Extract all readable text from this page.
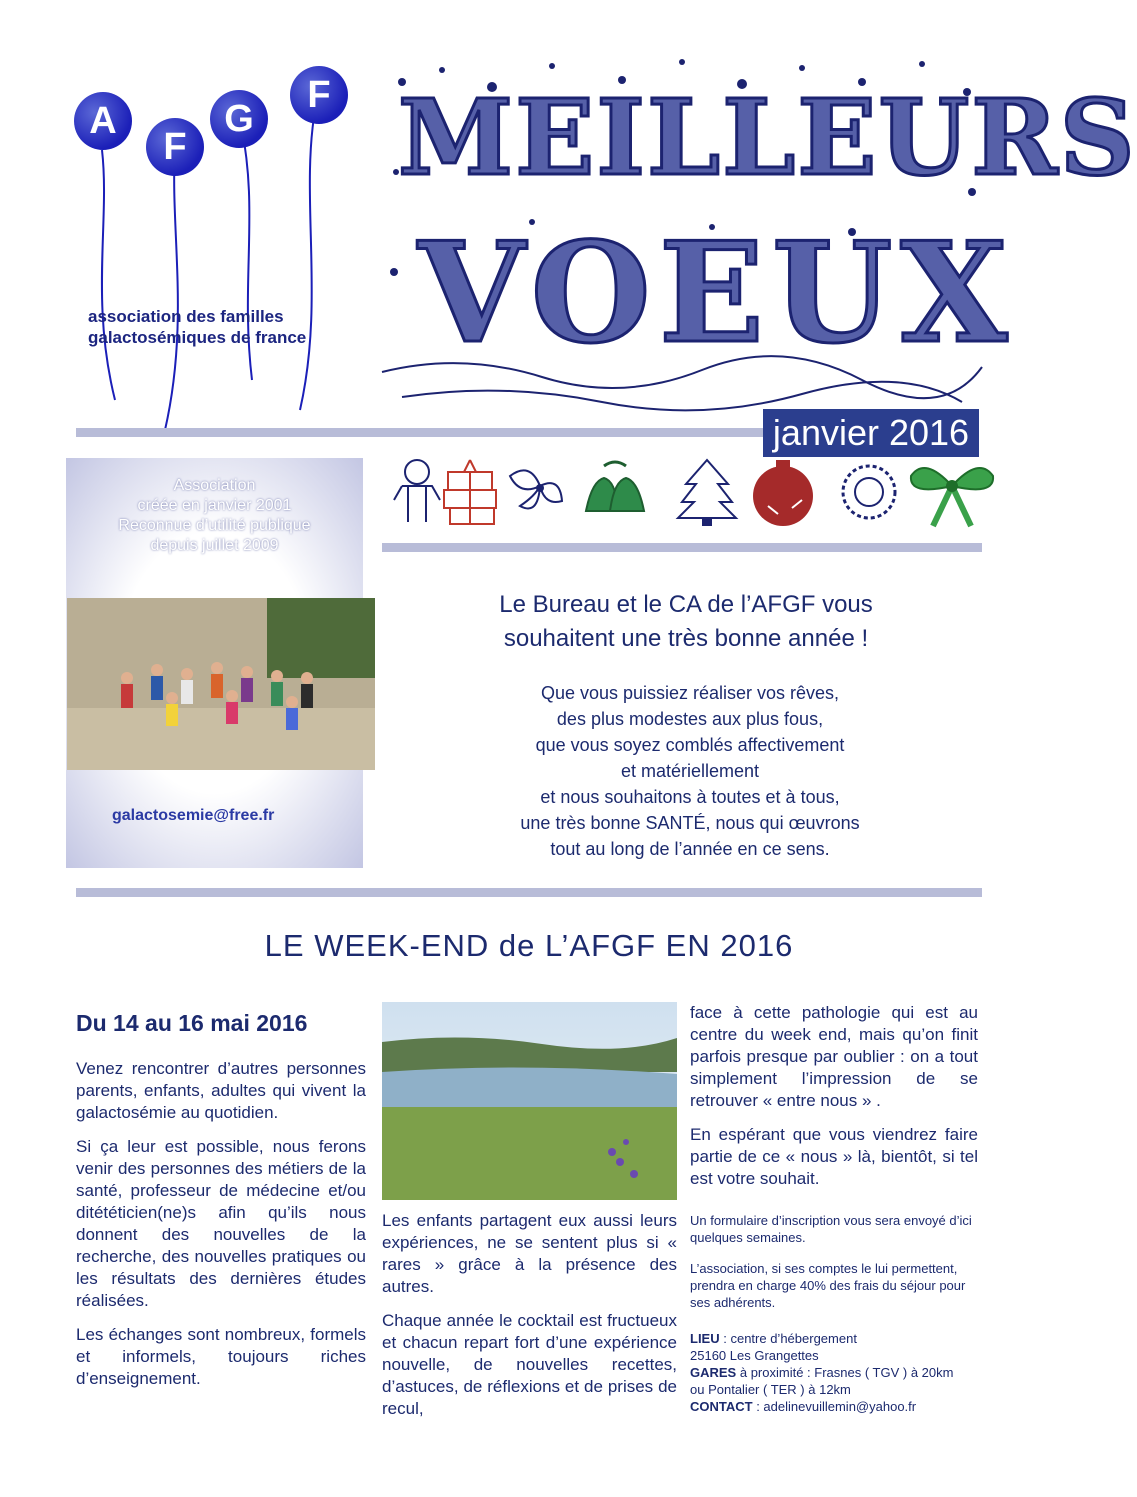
A
F
G
F
association des familles
galactosémiques de france
MEILLEURS
VOEUX
janvier 2016
Association
créée en janvier 2001
Reconnue d’utilité publique
depuis juillet 2009
galactosemie@free.fr
Le Bureau et le CA de l’AFGF vous
souhaitent une très bonne année !
Que vous puissiez réaliser vos rêves,
des plus modestes aux plus fous,
que vous soyez comblés affectivement
et matériellement
et nous souhaitons à toutes et à tous,
une très bonne SANTÉ, nous qui œuvrons
tout au long de l’année en ce sens.
LE WEEK-END de L’AFGF EN 2016
Du 14 au 16 mai 2016

Venez rencontrer d’autres personnes parents, enfants, adultes qui vivent la galactosémie au quotidien.

Si ça leur est possible, nous ferons venir des personnes des métiers de la santé, professeur de médecine et/ou ditététicien(ne)s afin qu’ils nous donnent des nouvelles de la recherche, des nouvelles pratiques ou les résultats des dernières études réalisées.

Les échanges sont nombreux, formels et informels, toujours riches d’enseignement.

Les enfants partagent eux aussi leurs expériences, ne se sentent plus si « rares » grâce à la présence des autres.

Chaque année le cocktail est fructueux et chacun repart fort d’une expérience nouvelle, de nouvelles recettes, d’astuces, de réflexions et de prises de recul,

face à cette pathologie qui est au centre du week end, mais qu’on finit parfois presque par oublier : on a tout simplement l’impression de se retrouver « entre nous » .

En espérant que vous viendrez faire partie de ce « nous » là, bientôt, si tel est votre souhait.

Un formulaire d’inscription vous sera envoyé d’ici quelques semaines.

L’association, si ses comptes le lui permettent, prendra en charge 40% des frais du séjour pour ses adhérents.

LIEU : centre d’hébergement
25160 Les Grangettes
GARES à proximité : Frasnes ( TGV ) à 20km
ou Pontalier ( TER ) à 12km
CONTACT : adelinevuillemin@yahoo.fr
